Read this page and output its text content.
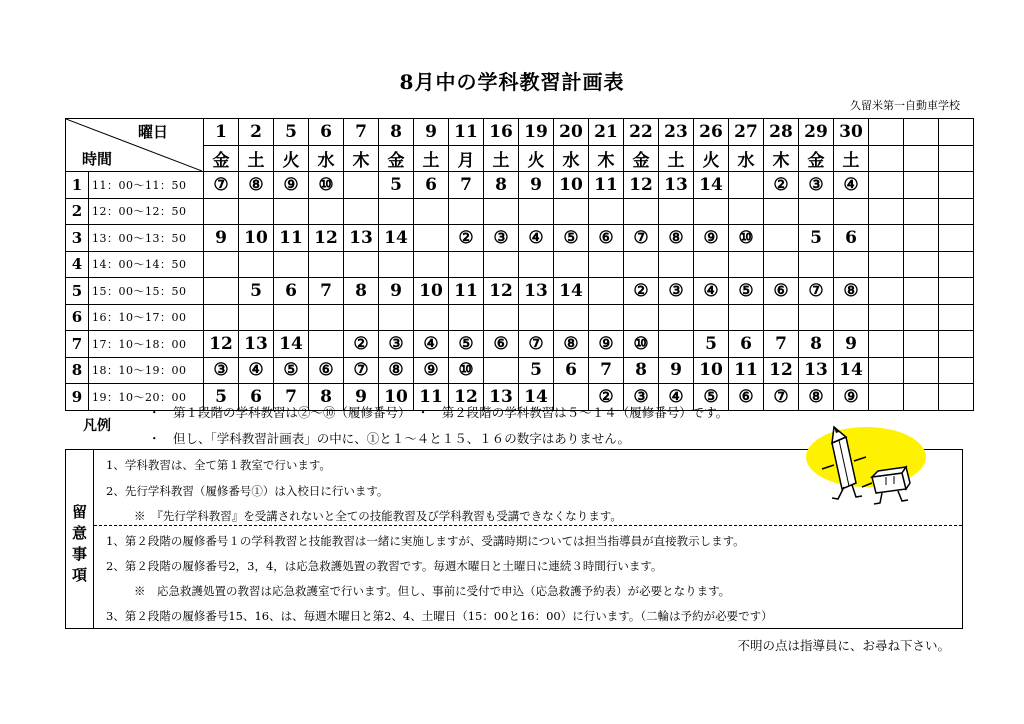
8月中の学科教習計画表
久留米第一自動車学校
曜日
時間		1	2	5	6	7	8	9	11	16	19	20	21	22	23	26	27	28	29	30			
		金	土	火	水	木	金	土	月	土	火	水	木	金	土	火	水	木	金	土			
1	11：00～11：50	⑦	⑧	⑨	⑩		5	6	7	8	9	10	11	12	13	14		②	③	④			
2	12：00～12：50																						
3	13：00～13：50	9	10	11	12	13	14		②	③	④	⑤	⑥	⑦	⑧	⑨	⑩		5	6			
4	14：00～14：50																						
5	15：00～15：50		5	6	7	8	9	10	11	12	13	14		②	③	④	⑤	⑥	⑦	⑧			
6	16：10～17：00																						
7	17：10～18：00	12	13	14		②	③	④	⑤	⑥	⑦	⑧	⑨	⑩		5	6	7	8	9			
8	18：10～19：00	③	④	⑤	⑥	⑦	⑧	⑨	⑩		5	6	7	8	9	10	11	12	13	14			
9	19：10～20：00	5	6	7	8	9	10	11	12	13	14		②	③	④	⑤	⑥	⑦	⑧	⑨			
凡例
・　第１段階の学科教習は②～⑩（履修番号）　・　第２段階の学科教習は５～１４（履修番号）です。
・　但し、「学科教習計画表」の中に、①と１～４と１５、１６の数字はありません。
留意事項
1、学科教習は、全て第１教室で行います。
2、先行学科教習（履修番号①）は入校日に行います。
※　『先行学科教習』を受講されないと全ての技能教習及び学科教習も受講できなくなります。
1、第２段階の履修番号１の学科教習と技能教習は一緒に実施しますが、受講時期については担当指導員が直接教示します。
2、第２段階の履修番号2，3，4，は応急救護処置の教習です。毎週木曜日と土曜日に連続３時間行います。
※　応急救護処置の教習は応急救護室で行います。但し、事前に受付で申込（応急救護予約表）が必要となります。
3、第２段階の履修番号15、16、は、毎週木曜日と第2、4、土曜日（15：00と16：00）に行います。（二輪は予約が必要です）
不明の点は指導員に、お尋ね下さい。
